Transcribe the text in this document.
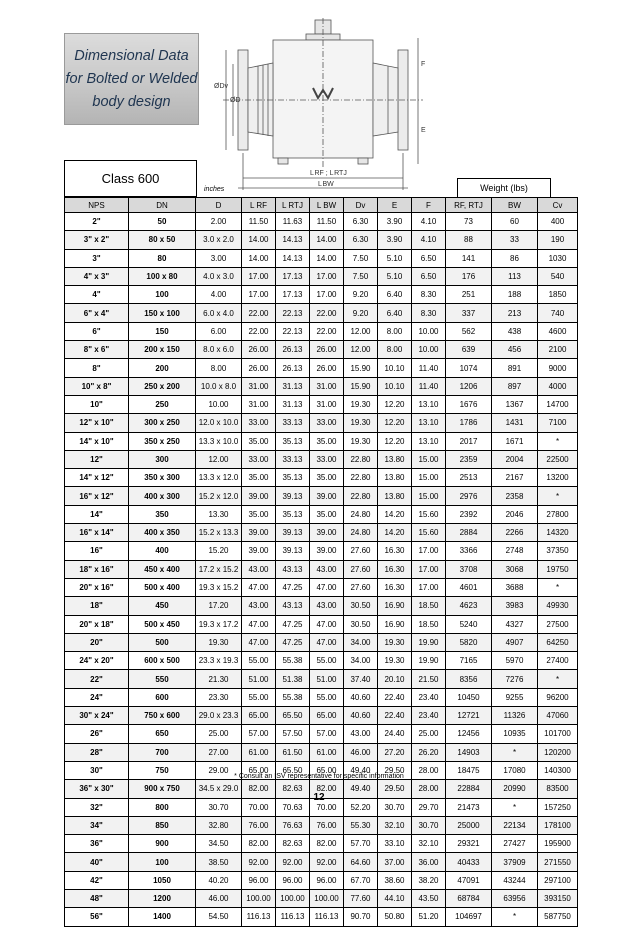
Dimensional Data
for Bolted or Welded
body design
ØDv
ØD
F
E
L RF ; L RTJ
L BW
Class 600
inches	Weight (lbs)
NPS	DN	D	L RF	L RTJ	L BW	Dv	E	F	RF, RTJ	BW	Cv
2"	50	2.00	11.50	11.63	11.50	6.30	3.90	4.10	73	60	400
3" x 2"	80 x 50	3.0 x 2.0	14.00	14.13	14.00	6.30	3.90	4.10	88	33	190
3"	80	3.00	14.00	14.13	14.00	7.50	5.10	6.50	141	86	1030
4" x 3"	100 x 80	4.0 x 3.0	17.00	17.13	17.00	7.50	5.10	6.50	176	113	540
4"	100	4.00	17.00	17.13	17.00	9.20	6.40	8.30	251	188	1850
6" x 4"	150 x 100	6.0 x 4.0	22.00	22.13	22.00	9.20	6.40	8.30	337	213	740
6"	150	6.00	22.00	22.13	22.00	12.00	8.00	10.00	562	438	4600
8" x 6"	200 x 150	8.0 x 6.0	26.00	26.13	26.00	12.00	8.00	10.00	639	456	2100
8"	200	8.00	26.00	26.13	26.00	15.90	10.10	11.40	1074	891	9000
10" x 8"	250 x 200	10.0 x 8.0	31.00	31.13	31.00	15.90	10.10	11.40	1206	897	4000
10"	250	10.00	31.00	31.13	31.00	19.30	12.20	13.10	1676	1367	14700
12" x 10"	300 x 250	12.0 x 10.0	33.00	33.13	33.00	19.30	12.20	13.10	1786	1431	7100
14" x 10"	350 x 250	13.3 x 10.0	35.00	35.13	35.00	19.30	12.20	13.10	2017	1671	*
12"	300	12.00	33.00	33.13	33.00	22.80	13.80	15.00	2359	2004	22500
14" x 12"	350 x 300	13.3 x 12.0	35.00	35.13	35.00	22.80	13.80	15.00	2513	2167	13200
16" x 12"	400 x 300	15.2 x 12.0	39.00	39.13	39.00	22.80	13.80	15.00	2976	2358	*
14"	350	13.30	35.00	35.13	35.00	24.80	14.20	15.60	2392	2046	27800
16" x 14"	400 x 350	15.2 x 13.3	39.00	39.13	39.00	24.80	14.20	15.60	2884	2266	14320
16"	400	15.20	39.00	39.13	39.00	27.60	16.30	17.00	3366	2748	37350
18" x 16"	450 x 400	17.2 x 15.2	43.00	43.13	43.00	27.60	16.30	17.00	3708	3068	19750
20" x 16"	500 x 400	19.3 x 15.2	47.00	47.25	47.00	27.60	16.30	17.00	4601	3688	*
18"	450	17.20	43.00	43.13	43.00	30.50	16.90	18.50	4623	3983	49930
20" x 18"	500 x 450	19.3 x 17.2	47.00	47.25	47.00	30.50	16.90	18.50	5240	4327	27500
20"	500	19.30	47.00	47.25	47.00	34.00	19.30	19.90	5820	4907	64250
24" x 20"	600 x 500	23.3 x 19.3	55.00	55.38	55.00	34.00	19.30	19.90	7165	5970	27400
22"	550	21.30	51.00	51.38	51.00	37.40	20.10	21.50	8356	7276	*
24"	600	23.30	55.00	55.38	55.00	40.60	22.40	23.40	10450	9255	96200
30" x 24"	750 x 600	29.0 x 23.3	65.00	65.50	65.00	40.60	22.40	23.40	12721	11326	47060
26"	650	25.00	57.00	57.50	57.00	43.00	24.40	25.00	12456	10935	101700
28"	700	27.00	61.00	61.50	61.00	46.00	27.20	26.20	14903	*	120200
30"	750	29.00	65.00	65.50	65.00	49.40	29.50	28.00	18475	17080	140300
36" x 30"	900 x 750	34.5 x 29.0	82.00	82.63	82.00	49.40	29.50	28.00	22884	20990	83500
32"	800	30.70	70.00	70.63	70.00	52.20	30.70	29.70	21473	*	157250
34"	850	32.80	76.00	76.63	76.00	55.30	32.10	30.70	25000	22134	178100
36"	900	34.50	82.00	82.63	82.00	57.70	33.10	32.10	29321	27427	195900
40"	100	38.50	92.00	92.00	92.00	64.60	37.00	36.00	40433	37909	271550
42"	1050	40.20	96.00	96.00	96.00	67.70	38.60	38.20	47091	43244	297100
48"	1200	46.00	100.00	100.00	100.00	77.60	44.10	43.50	68784	63956	393150
56"	1400	54.50	116.13	116.13	116.13	90.70	50.80	51.20	104697	*	587750
* Consult an ISV representative for specific information
12
